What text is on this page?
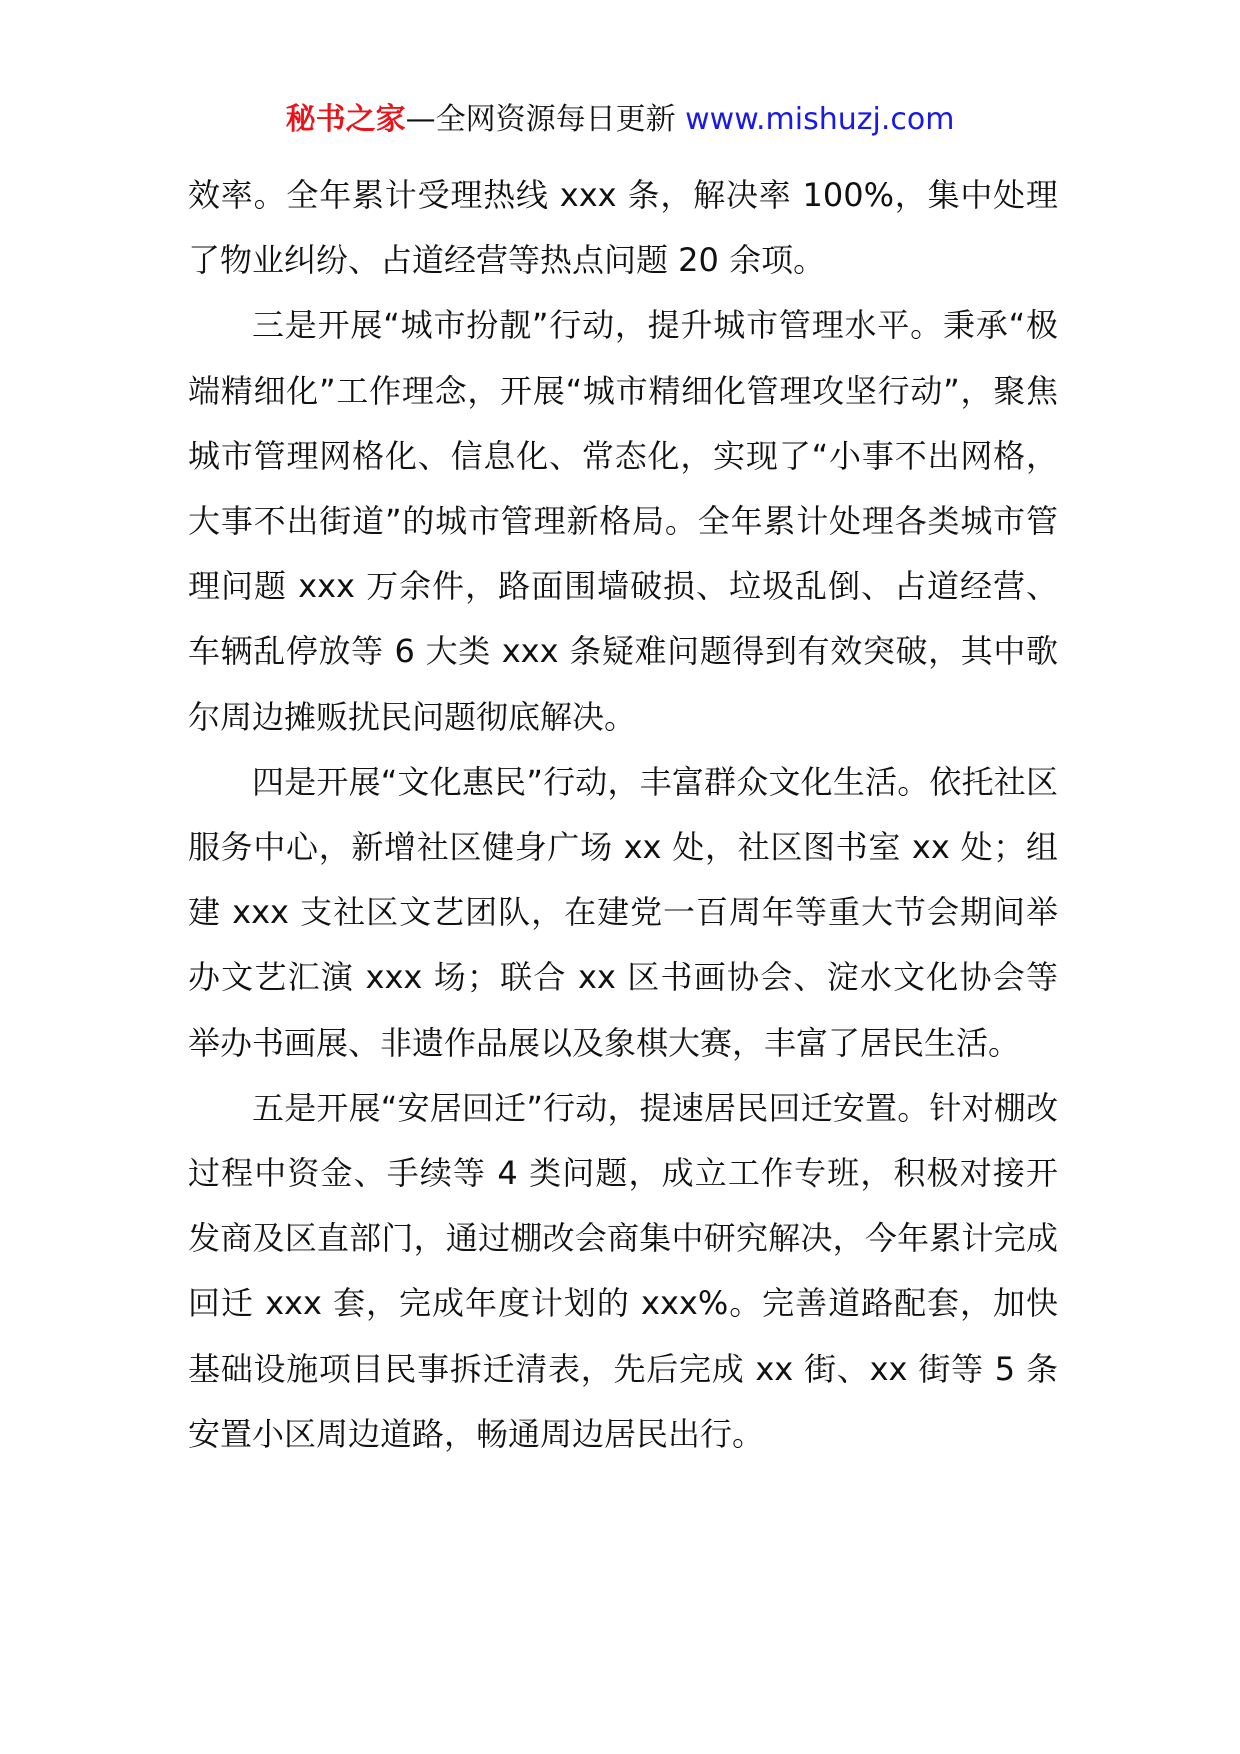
秘书之家—全网资源每日更新 www.mishuzj.com

效率。全年累计受理热线 xxx 条，解决率 100%，集中处理了物业纠纷、占道经营等热点问题 20 余项。

三是开展“城市扮靓”行动，提升城市管理水平。秉承“极端精细化”工作理念，开展“城市精细化管理攻坚行动”，聚焦城市管理网格化、信息化、常态化，实现了“小事不出网格，大事不出街道”的城市管理新格局。全年累计处理各类城市管理问题 xxx 万余件，路面围墙破损、垃圾乱倒、占道经营、车辆乱停放等 6 大类 xxx 条疑难问题得到有效突破，其中歌尔周边摊贩扰民问题彻底解决。

四是开展“文化惠民”行动，丰富群众文化生活。依托社区服务中心，新增社区健身广场 xx 处，社区图书室 xx 处；组建 xxx 支社区文艺团队，在建党一百周年等重大节会期间举办文艺汇演 xxx 场；联合 xx 区书画协会、淀水文化协会等举办书画展、非遗作品展以及象棋大赛，丰富了居民生活。

五是开展“安居回迁”行动，提速居民回迁安置。针对棚改过程中资金、手续等 4 类问题，成立工作专班，积极对接开发商及区直部门，通过棚改会商集中研究解决，今年累计完成回迁 xxx 套，完成年度计划的 xxx%。完善道路配套，加快基础设施项目民事拆迁清表，先后完成 xx 街、xx 街等 5 条安置小区周边道路，畅通周边居民出行。
